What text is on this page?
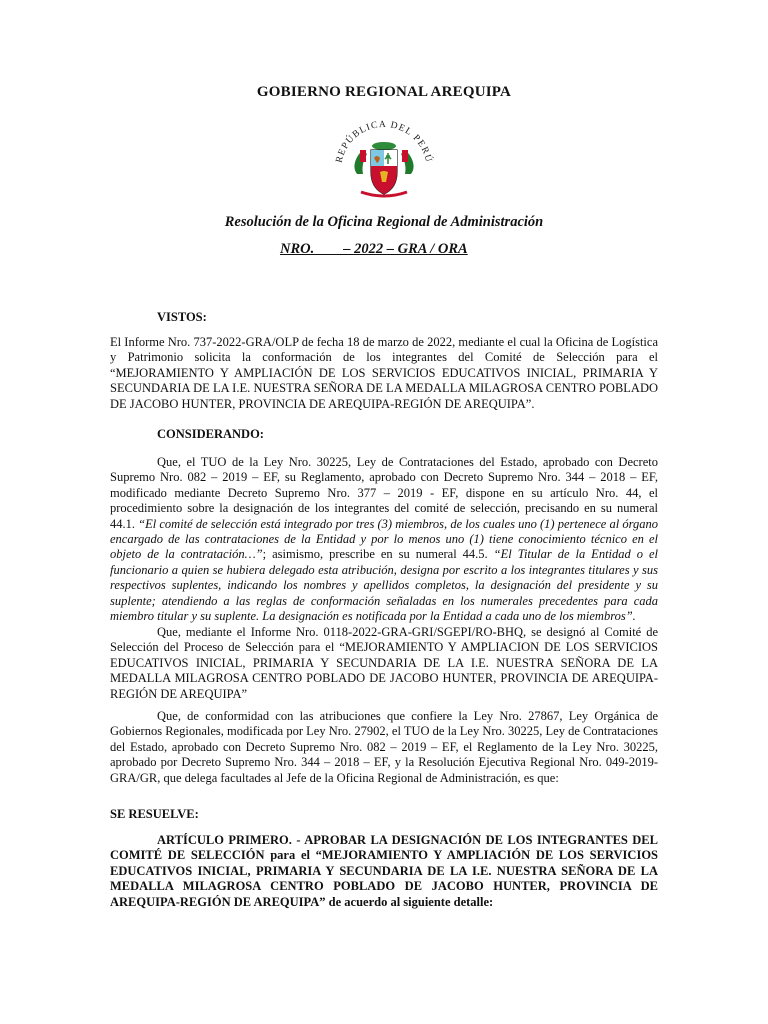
GOBIERNO REGIONAL AREQUIPA
REPÚBLICA DEL PERÚ
Resolución de la Oficina Regional de Administración
NRO.        – 2022 – GRA / ORA
VISTOS:
El Informe Nro. 737-2022-GRA/OLP de fecha 18 de marzo de 2022, mediante el cual la Oficina de Logística y Patrimonio solicita la conformación de los integrantes del Comité de Selección para el “MEJORAMIENTO Y AMPLIACIÓN DE LOS SERVICIOS EDUCATIVOS INICIAL, PRIMARIA Y SECUNDARIA DE LA I.E. NUESTRA SEÑORA DE LA MEDALLA MILAGROSA CENTRO POBLADO DE JACOBO HUNTER, PROVINCIA DE AREQUIPA-REGIÓN DE AREQUIPA”.
CONSIDERANDO:
Que, el TUO de la Ley Nro. 30225, Ley de Contrataciones del Estado, aprobado con Decreto Supremo Nro. 082 – 2019 – EF, su Reglamento, aprobado con Decreto Supremo Nro. 344 – 2018 – EF, modificado mediante Decreto Supremo Nro. 377 – 2019 - EF, dispone en su artículo Nro. 44, el procedimiento sobre la designación de los integrantes del comité de selección, precisando en su numeral 44.1. “El comité de selección está integrado por tres (3) miembros, de los cuales uno (1) pertenece al órgano encargado de las contrataciones de la Entidad y por lo menos uno (1) tiene conocimiento técnico en el objeto de la contratación…”; asimismo, prescribe en su numeral 44.5. “El Titular de la Entidad o el funcionario a quien se hubiera delegado esta atribución, designa por escrito a los integrantes titulares y sus respectivos suplentes, indicando los nombres y apellidos completos, la designación del presidente y su suplente; atendiendo a las reglas de conformación señaladas en los numerales precedentes para cada miembro titular y su suplente. La designación es notificada por la Entidad a cada uno de los miembros”.
Que, mediante el Informe Nro. 0118-2022-GRA-GRI/SGEPI/RO-BHQ, se designó al Comité de Selección del Proceso de Selección para el “MEJORAMIENTO Y AMPLIACION DE LOS SERVICIOS EDUCATIVOS INICIAL, PRIMARIA Y SECUNDARIA DE LA I.E. NUESTRA SEÑORA DE LA MEDALLA MILAGROSA CENTRO POBLADO DE JACOBO HUNTER, PROVINCIA DE AREQUIPA-REGIÓN DE AREQUIPA”
Que, de conformidad con las atribuciones que confiere la Ley Nro. 27867, Ley Orgánica de Gobiernos Regionales, modificada por Ley Nro. 27902, el TUO de la Ley Nro. 30225, Ley de Contrataciones del Estado, aprobado con Decreto Supremo Nro. 082 – 2019 – EF, el Reglamento de la Ley Nro. 30225, aprobado por Decreto Supremo Nro. 344 – 2018 – EF, y la Resolución Ejecutiva Regional Nro. 049-2019-GRA/GR, que delega facultades al Jefe de la Oficina Regional de Administración, es que:
SE RESUELVE:
ARTÍCULO PRIMERO. - APROBAR LA DESIGNACIÓN DE LOS INTEGRANTES DEL COMITÉ DE SELECCIÓN para el “MEJORAMIENTO Y AMPLIACIÓN DE LOS SERVICIOS EDUCATIVOS INICIAL, PRIMARIA Y SECUNDARIA DE LA I.E. NUESTRA SEÑORA DE LA MEDALLA MILAGROSA CENTRO POBLADO DE JACOBO HUNTER, PROVINCIA DE AREQUIPA-REGIÓN DE AREQUIPA” de acuerdo al siguiente detalle:
